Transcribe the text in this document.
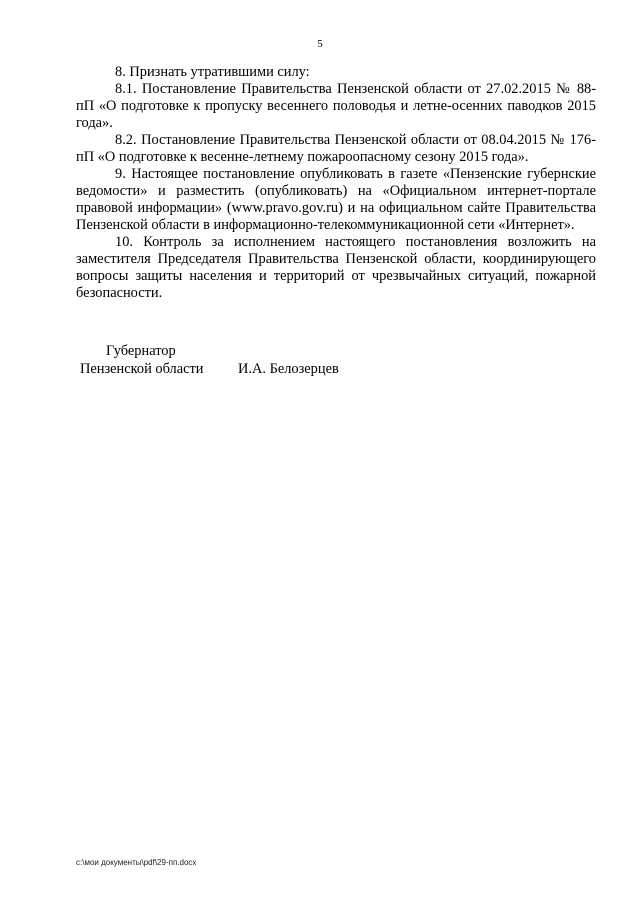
5

8. Признать утратившими силу:

8.1. Постановление Правительства Пензенской области от 27.02.2015 № 88-пП «О подготовке к пропуску весеннего половодья и летне-осенних паводков 2015 года».

8.2. Постановление Правительства Пензенской области от 08.04.2015 № 176-пП «О подготовке к весенне-летнему пожароопасному сезону 2015 года».

9. Настоящее постановление опубликовать в газете «Пензенские губернские ведомости» и разместить (опубликовать) на «Официальном интернет-портале правовой информации» (www.pravo.gov.ru) и на официальном сайте Правительства Пензенской области в информационно-телекоммуникационной сети «Интернет».

10. Контроль за исполнением настоящего постановления возложить на заместителя Председателя Правительства Пензенской области, координирующего вопросы защиты населения и территорий от чрезвычайных ситуаций, пожарной безопасности.

Губернатор
Пензенской области	И.А. Белозерцев
c:\мои документы\pdf\29-пп.docx
